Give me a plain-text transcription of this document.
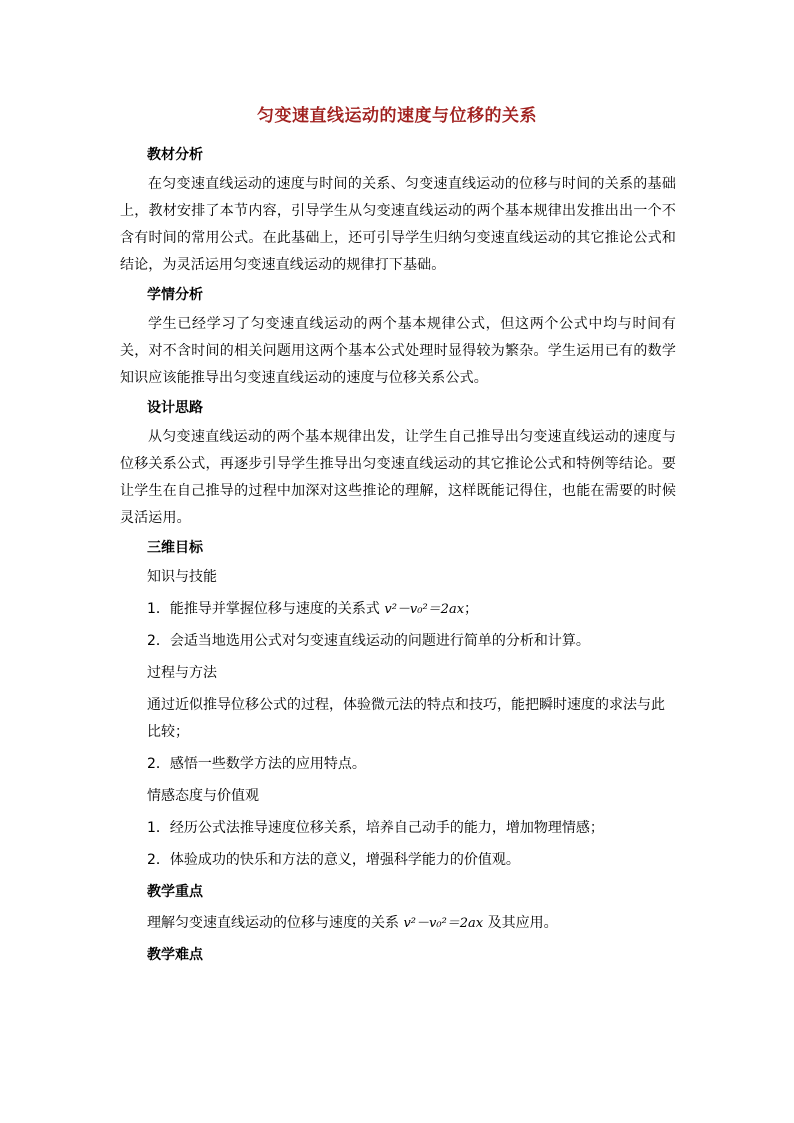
匀变速直线运动的速度与位移的关系

教材分析

在匀变速直线运动的速度与时间的关系、匀变速直线运动的位移与时间的关系的基础上，教材安排了本节内容，引导学生从匀变速直线运动的两个基本规律出发推出出一个不含有时间的常用公式。在此基础上，还可引导学生归纳匀变速直线运动的其它推论公式和结论，为灵活运用匀变速直线运动的规律打下基础。

学情分析

学生已经学习了匀变速直线运动的两个基本规律公式，但这两个公式中均与时间有关，对不含时间的相关问题用这两个基本公式处理时显得较为繁杂。学生运用已有的数学知识应该能推导出匀变速直线运动的速度与位移关系公式。

设计思路

从匀变速直线运动的两个基本规律出发，让学生自己推导出匀变速直线运动的速度与位移关系公式，再逐步引导学生推导出匀变速直线运动的其它推论公式和特例等结论。要让学生在自己推导的过程中加深对这些推论的理解，这样既能记得住，也能在需要的时候灵活运用。

三维目标

知识与技能

1．能推导并掌握位移与速度的关系式 v²－v₀²＝2ax；

2．会适当地选用公式对匀变速直线运动的问题进行简单的分析和计算。

过程与方法

通过近似推导位移公式的过程，体验微元法的特点和技巧，能把瞬时速度的求法与此比较；

2．感悟一些数学方法的应用特点。

情感态度与价值观

1．经历公式法推导速度位移关系，培养自己动手的能力，增加物理情感；

2．体验成功的快乐和方法的意义，增强科学能力的价值观。

教学重点

理解匀变速直线运动的位移与速度的关系 v²－v₀²＝2ax 及其应用。

教学难点
